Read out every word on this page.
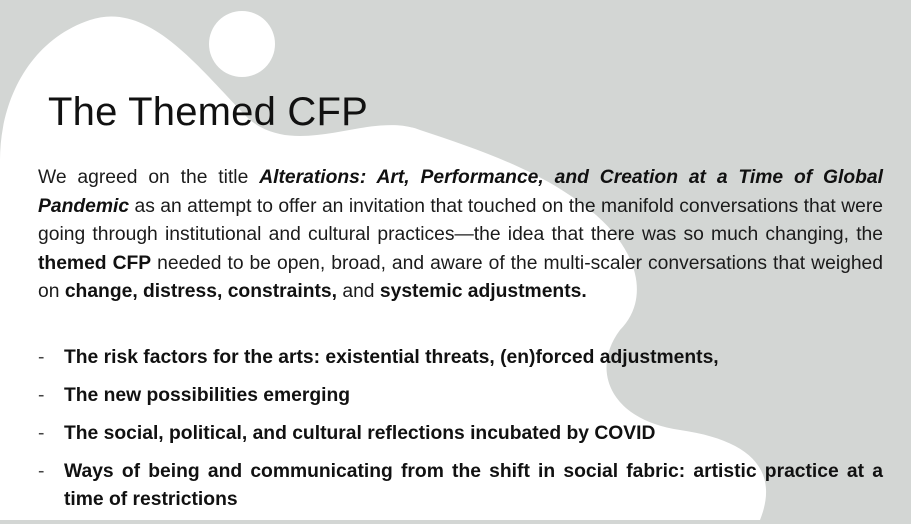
The Themed CFP

We agreed on the title Alterations: Art, Performance, and Creation at a Time of Global Pandemic as an attempt to offer an invitation that touched on the manifold conversations that were going through institutional and cultural practices—the idea that there was so much changing, the themed CFP needed to be open, broad, and aware of the multi-scaler conversations that weighed on change, distress, constraints, and systemic adjustments.

- The risk factors for the arts: existential threats, (en)forced adjustments,
- The new possibilities emerging
- The social, political, and cultural reflections incubated by COVID
- Ways of being and communicating from the shift in social fabric: artistic practice at a time of restrictions
